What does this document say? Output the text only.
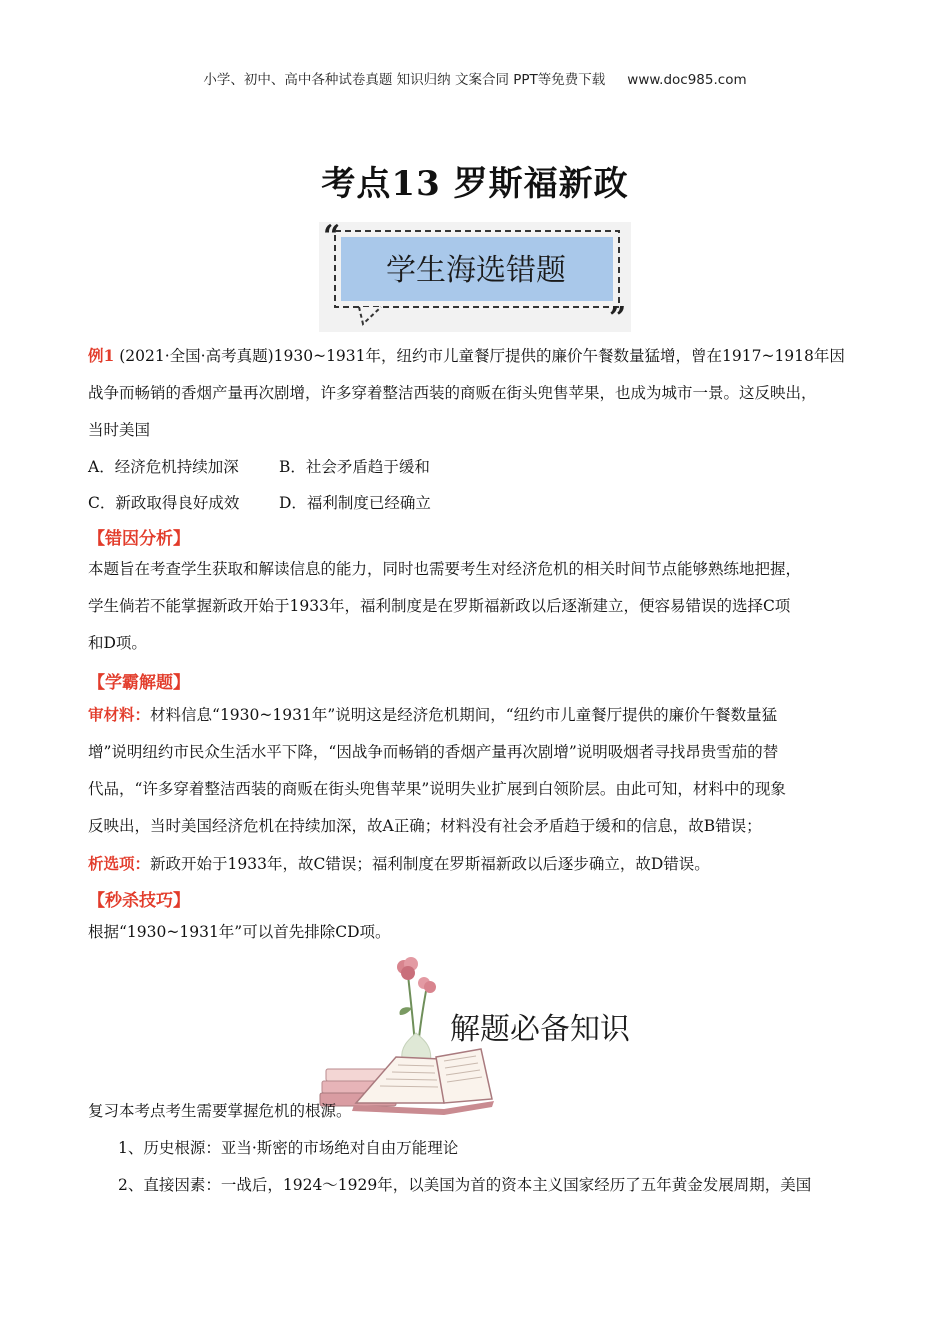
小学、初中、高中各种试卷真题 知识归纳 文案合同 PPT等免费下载 www.doc985.com
考点13 罗斯福新政
“
学生海选错题
”
例1 (2021·全国·高考真题)1930~1931年，纽约市儿童餐厅提供的廉价午餐数量猛增，曾在1917~1918年因
战争而畅销的香烟产量再次剧增，许多穿着整洁西装的商贩在街头兜售苹果，也成为城市一景。这反映出，
当时美国
A．经济危机持续加深	B．社会矛盾趋于缓和
C．新政取得良好成效	D．福利制度已经确立
【错因分析】
本题旨在考查学生获取和解读信息的能力，同时也需要考生对经济危机的相关时间节点能够熟练地把握，
学生倘若不能掌握新政开始于1933年，福利制度是在罗斯福新政以后逐渐建立，便容易错误的选择C项
和D项。
【学霸解题】
审材料：材料信息“1930~1931年”说明这是经济危机期间，“纽约市儿童餐厅提供的廉价午餐数量猛
增”说明纽约市民众生活水平下降，“因战争而畅销的香烟产量再次剧增”说明吸烟者寻找昂贵雪茄的替
代品，“许多穿着整洁西装的商贩在街头兜售苹果”说明失业扩展到白领阶层。由此可知，材料中的现象
反映出，当时美国经济危机在持续加深，故A正确；材料没有社会矛盾趋于缓和的信息，故B错误；
析选项：新政开始于1933年，故C错误；福利制度在罗斯福新政以后逐步确立，故D错误。
【秒杀技巧】
根据“1930~1931年”可以首先排除CD项。
解题必备知识
复习本考点考生需要掌握危机的根源。
1、历史根源：亚当·斯密的市场绝对自由万能理论
2、直接因素：一战后，1924～1929年，以美国为首的资本主义国家经历了五年黄金发展周期，美国
